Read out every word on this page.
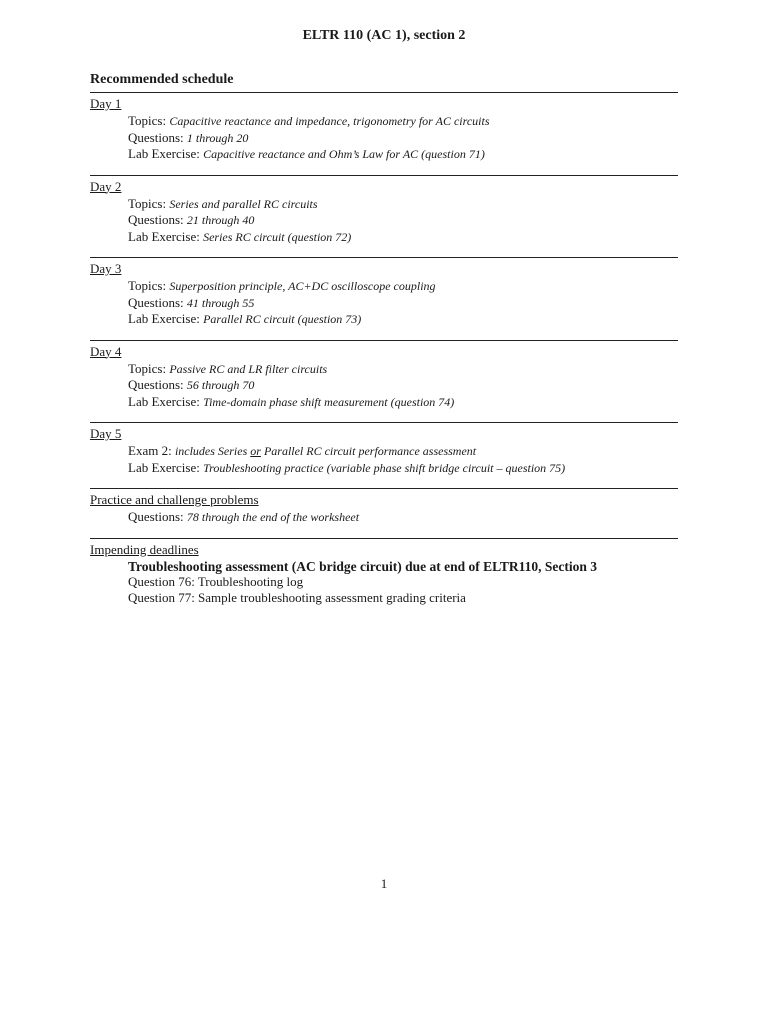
ELTR 110 (AC 1), section 2
Recommended schedule
Day 1
Topics: Capacitive reactance and impedance, trigonometry for AC circuits
Questions: 1 through 20
Lab Exercise: Capacitive reactance and Ohm’s Law for AC (question 71)
Day 2
Topics: Series and parallel RC circuits
Questions: 21 through 40
Lab Exercise: Series RC circuit (question 72)
Day 3
Topics: Superposition principle, AC+DC oscilloscope coupling
Questions: 41 through 55
Lab Exercise: Parallel RC circuit (question 73)
Day 4
Topics: Passive RC and LR filter circuits
Questions: 56 through 70
Lab Exercise: Time-domain phase shift measurement (question 74)
Day 5
Exam 2: includes Series or Parallel RC circuit performance assessment
Lab Exercise: Troubleshooting practice (variable phase shift bridge circuit – question 75)
Practice and challenge problems
Questions: 78 through the end of the worksheet
Impending deadlines
Troubleshooting assessment (AC bridge circuit) due at end of ELTR110, Section 3
Question 76: Troubleshooting log
Question 77: Sample troubleshooting assessment grading criteria
1
